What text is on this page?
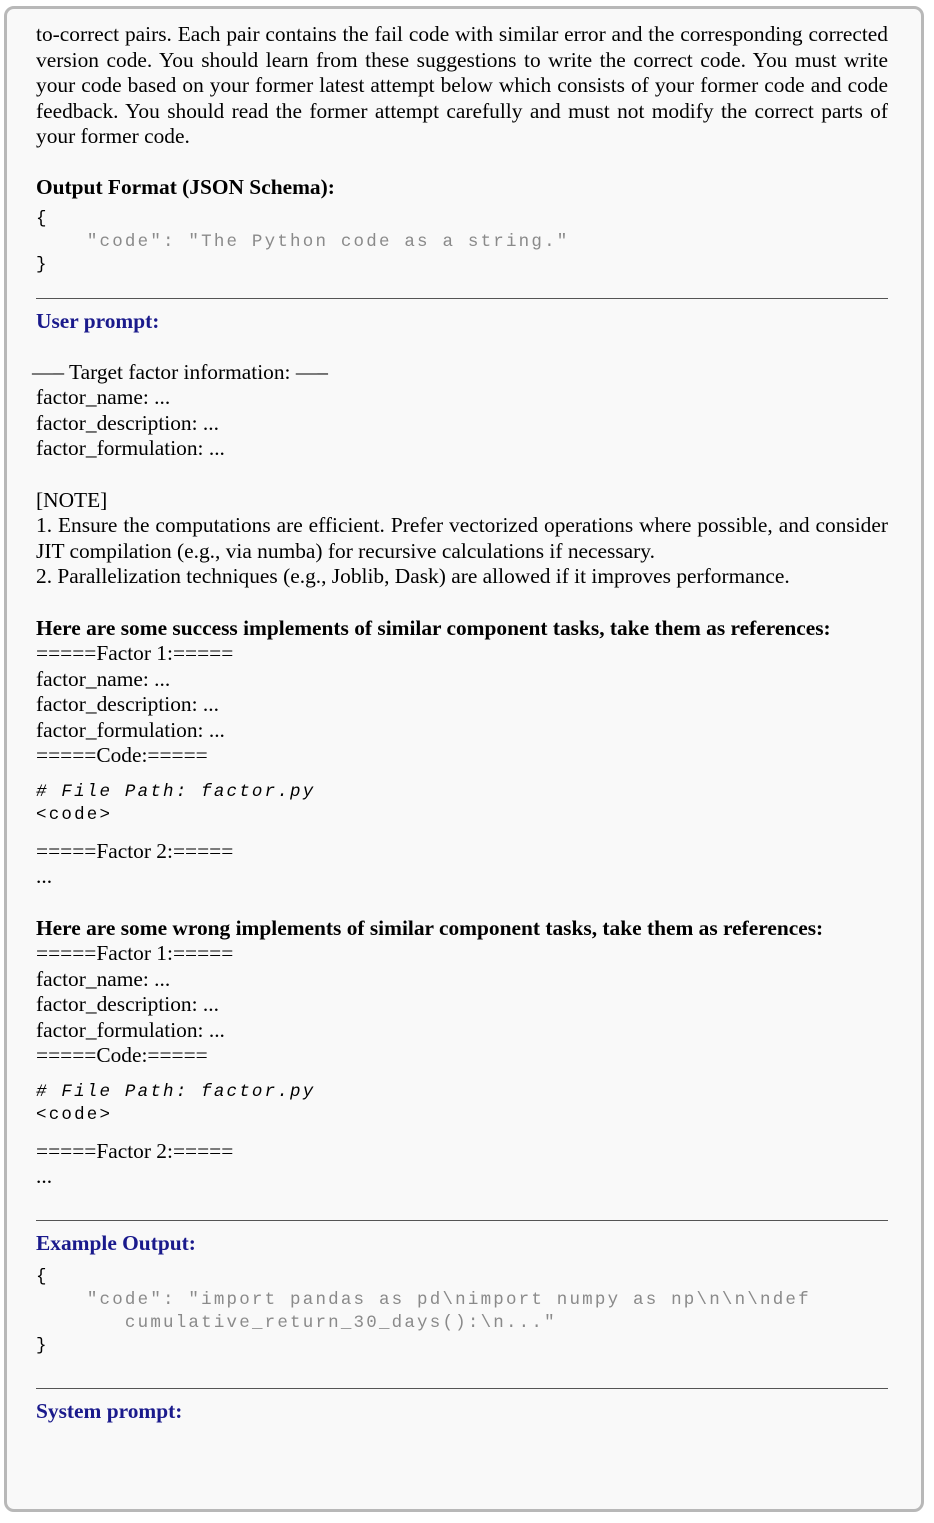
to-correct pairs. Each pair contains the fail code with similar error and the corresponding corrected version code. You should learn from these suggestions to write the correct code. You must write your code based on your former latest attempt below which consists of your former code and code feedback. You should read the former attempt carefully and must not modify the correct parts of your former code.

Output Format (JSON Schema):

{
"code": "The Python code as a string."
}

User prompt:

—– Target factor information: —–

factor_name: ...

factor_description: ...

factor_formulation: ...

[NOTE]

1. Ensure the computations are efficient. Prefer vectorized operations where possible, and consider JIT compilation (e.g., via numba) for recursive calculations if necessary.

2. Parallelization techniques (e.g., Joblib, Dask) are allowed if it improves performance.

Here are some success implements of similar component tasks, take them as references:

=====Factor 1:=====

factor_name: ...

factor_description: ...

factor_formulation: ...

=====Code:=====

# File Path: factor.py
<code>

=====Factor 2:=====

...

Here are some wrong implements of similar component tasks, take them as references:

=====Factor 1:=====

factor_name: ...

factor_description: ...

factor_formulation: ...

=====Code:=====

# File Path: factor.py
<code>

=====Factor 2:=====

...

Example Output:

{
"code": "import pandas as pd\nimport numpy as np\n\n\ndef
cumulative_return_30_days():\n..."
}

System prompt:
